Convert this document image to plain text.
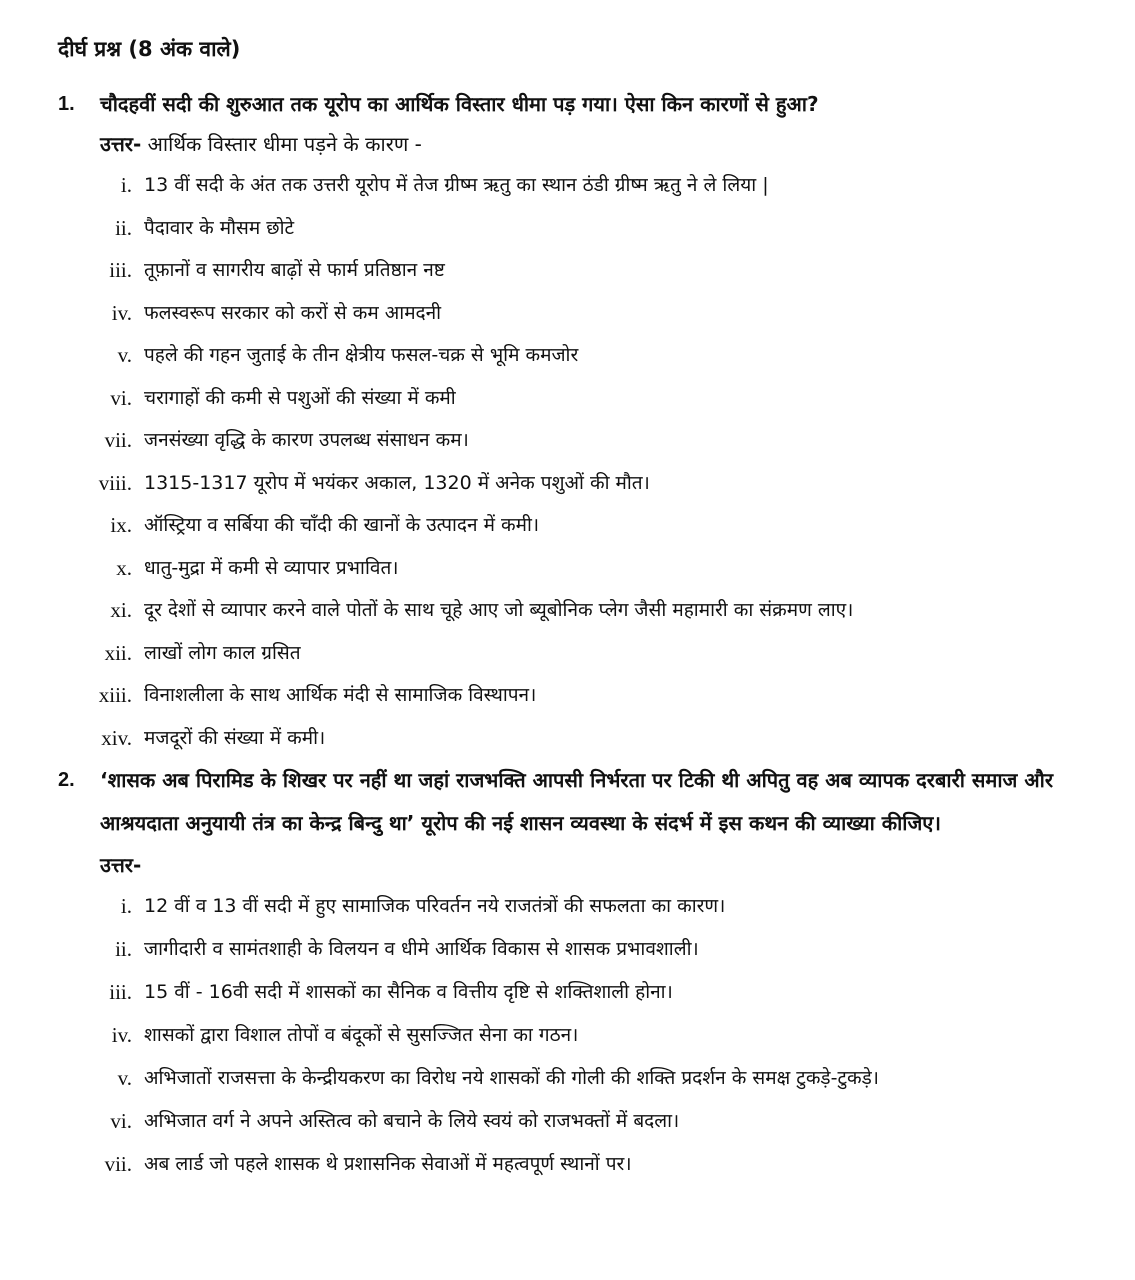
दीर्घ प्रश्न (8 अंक वाले)
1.	चौदहवीं सदी की शुरुआत तक यूरोप का आर्थिक विस्तार धीमा पड़ गया। ऐसा किन कारणों से हुआ?
उत्तर- आर्थिक विस्तार धीमा पड़ने के कारण -
i. 13 वीं सदी के अंत तक उत्तरी यूरोप में तेज ग्रीष्म ऋतु का स्थान ठंडी ग्रीष्म ऋतु ने ले लिया |
ii. पैदावार के मौसम छोटे
iii. तूफ़ानों व सागरीय बाढ़ों से फार्म प्रतिष्ठान नष्ट
iv. फलस्वरूप सरकार को करों से कम आमदनी
v. पहले की गहन जुताई के तीन क्षेत्रीय फसल-चक्र से भूमि कमजोर
vi. चरागाहों की कमी से पशुओं की संख्या में कमी
vii. जनसंख्या वृद्धि के कारण उपलब्ध संसाधन कम।
viii. 1315-1317 यूरोप में भयंकर अकाल, 1320 में अनेक पशुओं की मौत।
ix. ऑस्ट्रिया व सर्बिया की चाँदी की खानों के उत्पादन में कमी।
x. धातु-मुद्रा में कमी से व्यापार प्रभावित।
xi. दूर देशों से व्यापार करने वाले पोतों के साथ चूहे आए जो ब्यूबोनिक प्लेग जैसी महामारी का संक्रमण लाए।
xii. लाखों लोग काल ग्रसित
xiii. विनाशलीला के साथ आर्थिक मंदी से सामाजिक विस्थापन।
xiv. मजदूरों की संख्या में कमी।
2.	‘शासक अब पिरामिड के शिखर पर नहीं था जहां राजभक्ति आपसी निर्भरता पर टिकी थी अपितु वह अब व्यापक दरबारी समाज और आश्रयदाता अनुयायी तंत्र का केन्द्र बिन्दु था’ यूरोप की नई शासन व्यवस्था के संदर्भ में इस कथन की व्याख्या कीजिए।
उत्तर-
i. 12 वीं व 13 वीं सदी में हुए सामाजिक परिवर्तन नये राजतंत्रों की सफलता का कारण।
ii. जागीदारी व सामंतशाही के विलयन व धीमे आर्थिक विकास से शासक प्रभावशाली।
iii. 15 वीं - 16वी सदी में शासकों का सैनिक व वित्तीय दृष्टि से शक्तिशाली होना।
iv. शासकों द्वारा विशाल तोपों व बंदूकों से सुसज्जित सेना का गठन।
v. अभिजातों राजसत्ता के केन्द्रीयकरण का विरोध नये शासकों की गोली की शक्ति प्रदर्शन के समक्ष टुकड़े-टुकड़े।
vi. अभिजात वर्ग ने अपने अस्तित्व को बचाने के लिये स्वयं को राजभक्तों में बदला।
vii. अब लार्ड जो पहले शासक थे प्रशासनिक सेवाओं में महत्वपूर्ण स्थानों पर।
